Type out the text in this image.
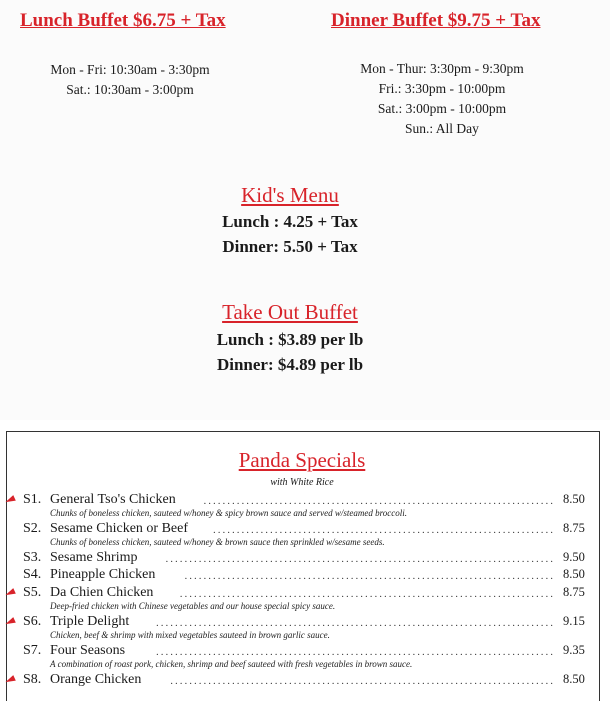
Lunch Buffet $6.75 + Tax	Dinner Buffet $9.75 + Tax
Mon - Fri: 10:30am - 3:30pm
Sat.: 10:30am - 3:00pm
Mon - Thur: 3:30pm - 9:30pm
Fri.: 3:30pm - 10:00pm
Sat.: 3:00pm - 10:00pm
Sun.: All Day
Kid's Menu
Lunch : 4.25 + Tax
Dinner: 5.50 + Tax
Take Out Buffet
Lunch : $3.89 per lb
Dinner: $4.89 per lb
Panda Specials
with White Rice
S1. General Tso's Chicken	8.50
Chunks of boneless chicken, sauteed w/honey & spicy brown sauce and served w/steamed broccoli.
..........................................................................
S2. Sesame Chicken or Beef	8.75
Chunks of boneless chicken, sauteed w/honey & brown sauce then sprinkled w/sesame seeds.
........................................................................
S3. Sesame Shrimp	9.50
..................................................................................
S4. Pineapple Chicken	8.50
..............................................................................
S5. Da Chien Chicken	8.75
Deep-fried chicken with Chinese vegetables and our house special spicy sauce.
...............................................................................
S6. Triple Delight	9.15
Chicken, beef & shrimp with mixed vegetables sauteed in brown garlic sauce.
....................................................................................
S7. Four Seasons	9.35
A combination of roast pork, chicken, shrimp and beef sauteed with fresh vegetables in brown sauce.
....................................................................................
S8. Orange Chicken	8.50
.................................................................................
